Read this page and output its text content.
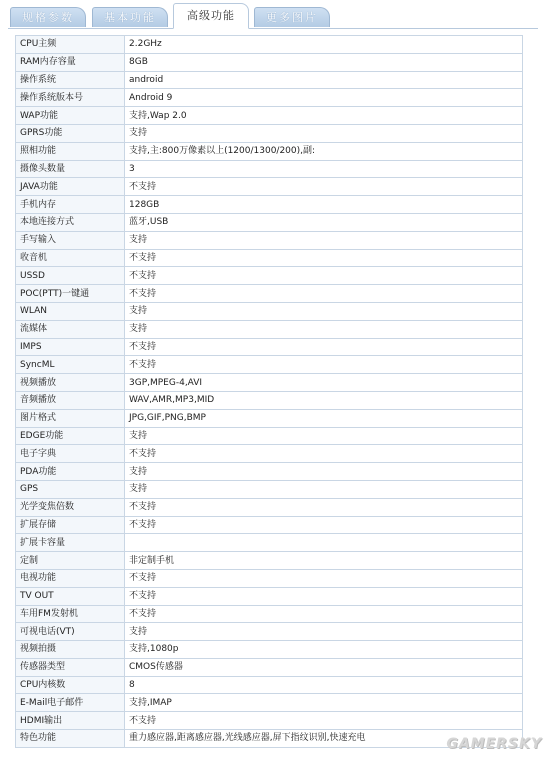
规格参数	基本功能	高级功能	更多图片
CPU主频	2.2GHz
RAM内存容量	8GB
操作系统	android
操作系统版本号	Android 9
WAP功能	支持,Wap 2.0
GPRS功能	支持
照相功能	支持,主:800万像素以上(1200/1300/200),副:
摄像头数量	3
JAVA功能	不支持
手机内存	128GB
本地连接方式	蓝牙,USB
手写输入	支持
收音机	不支持
USSD	不支持
POC(PTT)一键通	不支持
WLAN	支持
流媒体	支持
IMPS	不支持
SyncML	不支持
视频播放	3GP,MPEG-4,AVI
音频播放	WAV,AMR,MP3,MID
图片格式	JPG,GIF,PNG,BMP
EDGE功能	支持
电子字典	不支持
PDA功能	支持
GPS	支持
光学变焦倍数	不支持
扩展存储	不支持
扩展卡容量	
定制	非定制手机
电视功能	不支持
TV OUT	不支持
车用FM发射机	不支持
可视电话(VT)	支持
视频拍摄	支持,1080p
传感器类型	CMOS传感器
CPU内核数	8
E-Mail电子邮件	支持,IMAP
HDMI输出	不支持
特色功能	重力感应器,距离感应器,光线感应器,屏下指纹识别,快速充电	GAMERSKY
